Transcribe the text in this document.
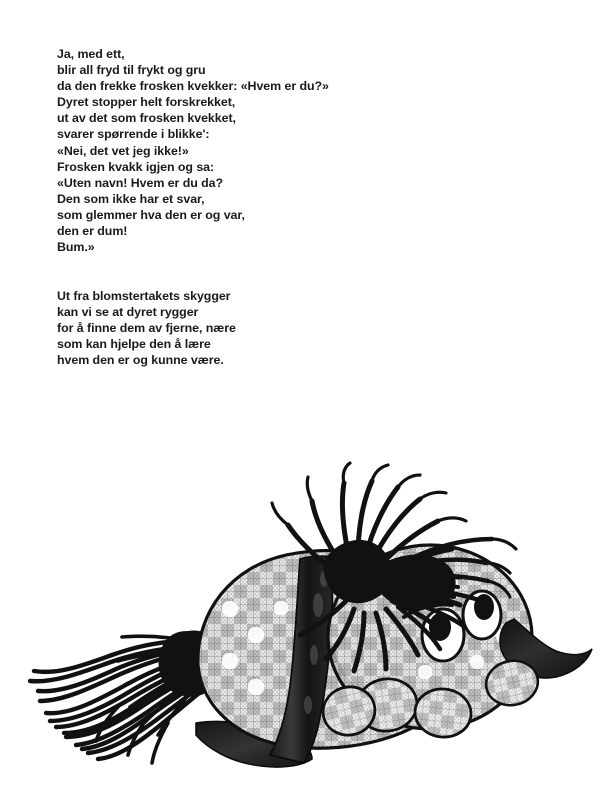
Ja, med ett,
blir all fryd til frykt og gru
da den frekke frosken kvekker: «Hvem er du?»
Dyret stopper helt forskrekket,
ut av det som frosken kvekket,
svarer spørrende i blikke':
«Nei, det vet jeg ikke!»
Frosken kvakk igjen og sa:
«Uten navn! Hvem er du da?
Den som ikke har et svar,
som glemmer hva den er og var,
den er dum!
Bum.»
Ut fra blomstertakets skygger
kan vi se at dyret rygger
for å finne dem av fjerne, nære
som kan hjelpe den å lære
hvem den er og kunne være.
